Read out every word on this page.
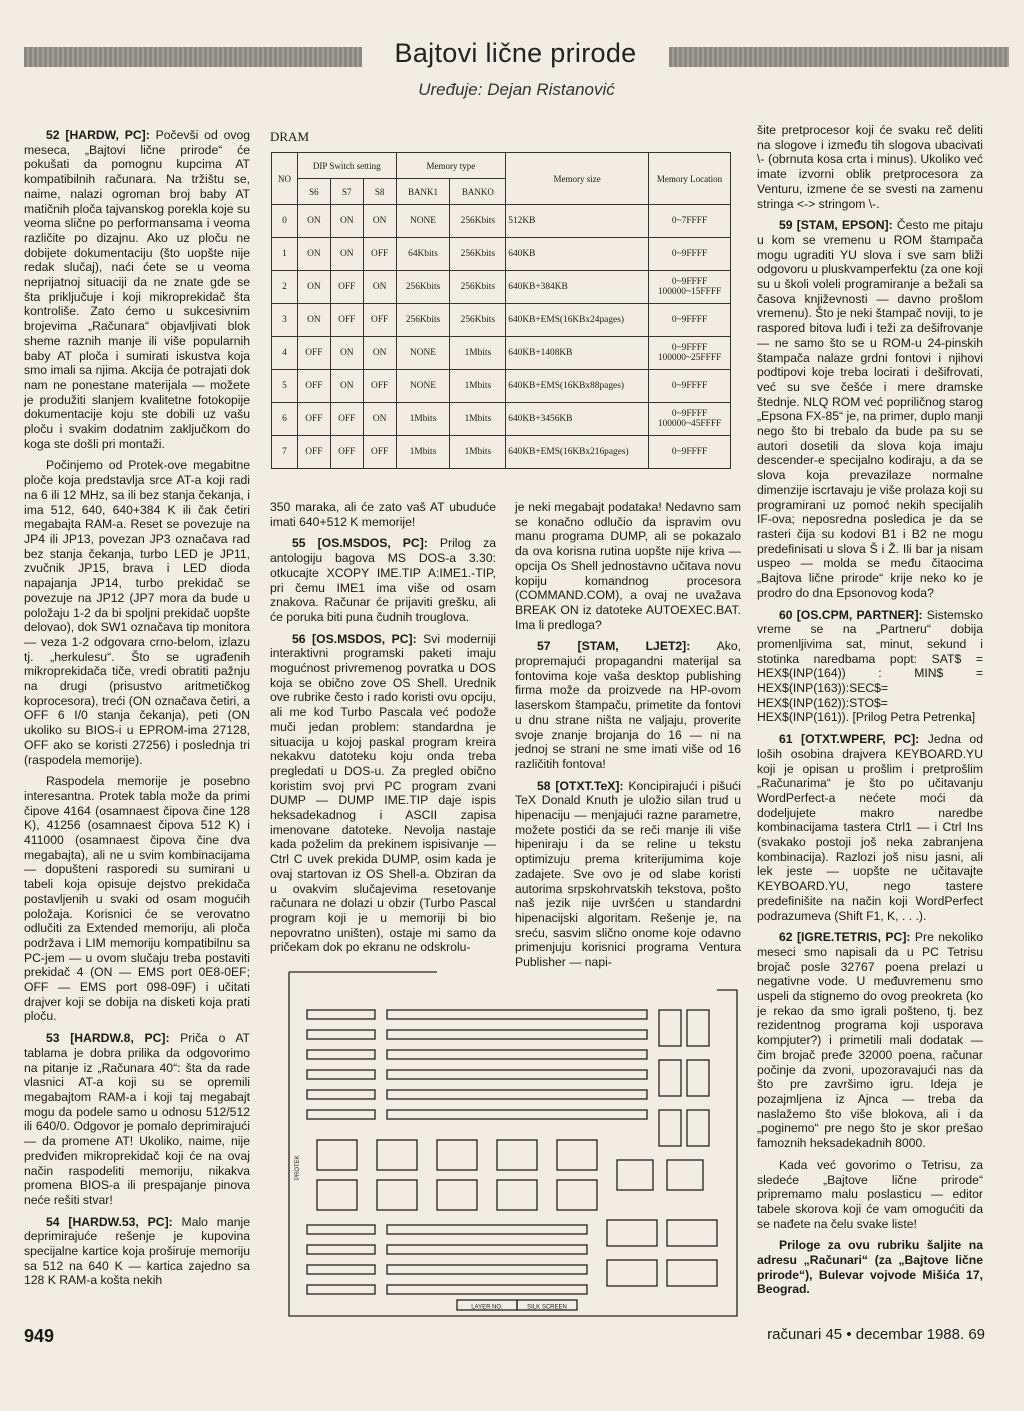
Bajtovi lične prirode
Uređuje: Dejan Ristanović

52 [HARDW, PC]: Počevši od ovog meseca, „Bajtovi lične prirode“ će pokušati da pomognu kupcima AT kompatibilnih računara. Na tržištu se, naime, nalazi ogroman broj baby AT matičnih ploča tajvanskog porekla koje su veoma slične po performansama i veoma različite po dizajnu. Ako uz ploču ne dobijete dokumentaciju (što uopšte nije redak slučaj), naći ćete se u veoma neprijatnoj situaciji da ne znate gde se šta priključuje i koji mikroprekidač šta kontroliše. Zato ćemo u sukcesivnim brojevima „Računara“ objavljivati blok sheme raznih manje ili više popularnih baby AT ploča i sumirati iskustva koja smo imali sa njima. Akcija će potrajati dok nam ne ponestane materijala — možete je produžiti slanjem kvalitetne fotokopije dokumentacije koju ste dobili uz vašu ploču i svakim dodatnim zaključkom do koga ste došli pri montaži.

Počinjemo od Protek-ove megabitne ploče koja predstavlja srce AT-a koji radi na 6 ili 12 MHz, sa ili bez stanja čekanja, i ima 512, 640, 640+384 K ili čak četiri megabajta RAM-a. Reset se povezuje na JP4 ili JP13, povezan JP3 označava rad bez stanja čekanja, turbo LED je JP11, zvučnik JP15, brava i LED dioda napajanja JP14, turbo prekidač se povezuje na JP12 (JP7 mora da bude u položaju 1-2 da bi spoljni prekidač uopšte delovao), dok SW1 označava tip monitora — veza 1-2 odgovara crno-belom, izlazu tj. „herkulesu“. Što se ugrađenih mikroprekidača tiče, vredi obratiti pažnju na drugi (prisustvo aritmetičkog koprocesora), treći (ON označava četiri, a OFF 6 I/0 stanja čekanja), peti (ON ukoliko su BIOS-i u EPROM-ima 27128, OFF ako se koristi 27256) i poslednja tri (raspodela memorije).

Raspodela memorije je posebno interesantna. Protek tabla može da primi čipove 4164 (osamnaest čipova čine 128 K), 41256 (osamnaest čipova 512 K) i 411000 (osamnaest čipova čine dva megabajta), ali ne u svim kombinacijama — dopušteni rasporedi su sumirani u tabeli koja opisuje dejstvo prekidača postavljenih u svaki od osam mogućih položaja. Korisnici će se verovatno odlučiti za Extended memoriju, ali ploča podržava i LIM memoriju kompatibilnu sa PC-jem — u ovom slučaju treba postaviti prekidač 4 (ON — EMS port 0E8-0EF; OFF — EMS port 098-09F) i učitati drajver koji se dobija na disketi koja prati ploču.

53 [HARDW.8, PC]: Priča o AT tablama je dobra prilika da odgovorimo na pitanje iz „Računara 40“: šta da rade vlasnici AT-a koji su se opremili megabajtom RAM-a i koji taj megabajt mogu da podele samo u odnosu 512/512 ili 640/0. Odgovor je pomalo deprimirajući — da promene AT! Ukoliko, naime, nije predviđen mikroprekidač koji će na ovaj način raspodeliti memoriju, nikakva promena BIOS-a ili prespajanje pinova neće rešiti stvar!

54 [HARDW.53, PC]: Malo manje deprimirajuće rešenje je kupovina specijalne kartice koja proširuje memoriju sa 512 na 640 K — kartica zajedno sa 128 K RAM-a košta nekih

DRAM
NO	DIP Switch setting			Memory type		Memory size	Memory Location
	S6	S7	S8	BANK1	BANKO		
0	ON	ON	ON	NONE	256Kbits	512KB	0~7FFFF
1	ON	ON	OFF	64Kbits	256Kbits	640KB	0~9FFFF
2	ON	OFF	ON	256Kbits	256Kbits	640KB+384KB	0~9FFFF 100000~15FFFF
3	ON	OFF	OFF	256Kbits	256Kbits	640KB+EMS(16KBx24pages)	0~9FFFF
4	OFF	ON	ON	NONE	1Mbits	640KB+1408KB	0~9FFFF 100000~25FFFF
5	OFF	ON	OFF	NONE	1Mbits	640KB+EMS(16KBx88pages)	0~9FFFF
6	OFF	OFF	ON	1Mbits	1Mbits	640KB+3456KB	0~9FFFF 100000~45FFFF
7	OFF	OFF	OFF	1Mbits	1Mbits	640KB+EMS(16KBx216pages)	0~9FFFF

350 maraka, ali će zato vaš AT ubuduće imati 640+512 K memorije!

55 [OS.MSDOS, PC]: Prilog za antologiju bagova MS DOS-a 3.30: otkucajte XCOPY IME.TIP A:IME1.-TIP, pri čemu IME1 ima više od osam znakova. Računar će prijaviti grešku, ali će poruka biti puna čudnih trouglova.

56 [OS.MSDOS, PC]: Svi moderniji interaktivni programski paketi imaju mogućnost privremenog povratka u DOS koja se obično zove OS Shell. Urednik ove rubrike često i rado koristi ovu opciju, ali me kod Turbo Pascala već podože muči jedan problem: standardna je situacija u kojoj paskal program kreira nekakvu datoteku koju onda treba pregledati u DOS-u. Za pregled obično koristim svoj prvi PC program zvani DUMP — DUMP IME.TIP daje ispis heksadekadnog i ASCII zapisa imenovane datoteke. Nevolja nastaje kada poželim da prekinem ispisivanje — Ctrl C uvek prekida DUMP, osim kada je ovaj startovan iz OS Shell-a. Obziran da u ovakvim slučajevima resetovanje računara ne dolazi u obzir (Turbo Pascal program koji je u memoriji bi bio nepovratno uništen), ostaje mi samo da pričekam dok po ekranu ne odskrolu-

je neki megabajt podataka! Nedavno sam se konačno odlučio da ispravim ovu manu programa DUMP, ali se pokazalo da ova korisna rutina uopšte nije kriva — opcija Os Shell jednostavno učitava novu kopiju komandnog procesora (COMMAND.COM), a ovaj ne uvažava BREAK ON iz datoteke AUTOEXEC.BAT. Ima li predloga?

57 [STAM, LJET2]: Ako, propremajući propagandni materijal sa fontovima koje vaša desktop publishing firma može da proizvede na HP-ovom laserskom štampaču, primetite da fontovi u dnu strane ništa ne valjaju, proverite svoje znanje brojanja do 16 — ni na jednoj se strani ne sme imati više od 16 različitih fontova!

58 [OTXT.TeX]: Koncipirajući i pišući TeX Donald Knuth je uložio silan trud u hipenaciju — menjajući razne parametre, možete postići da se reči manje ili više hipeniraju i da se reline u tekstu optimizuju prema kriterijumima koje zadajete. Sve ovo je od slabe koristi autorima srpskohrvatskih tekstova, pošto naš jezik nije uvršćen u standardni hipenacijski algoritam. Rešenje je, na sreću, sasvim slično onome koje odavno primenjuju korisnici programa Ventura Publisher — napi-

šite pretprocesor koji će svaku reč deliti na slogove i između tih slogova ubacivati \- (obrnuta kosa crta i minus). Ukoliko već imate izvorni oblik pretprocesora za Venturu, izmene će se svesti na zamenu stringa <-> stringom \-.

59 [STAM, EPSON]: Često me pitaju u kom se vremenu u ROM štampača mogu ugraditi YU slova i sve sam bliži odgovoru u pluskvamperfektu (za one koji su u školi voleli programiranje a bežali sa časova književnosti — davno prošlom vremenu). Što je neki štampač noviji, to je raspored bitova luđi i teži za dešifrovanje — ne samo što se u ROM-u 24-pinskih štampača nalaze grdni fontovi i njihovi podtipovi koje treba locirati i dešifrovati, već su sve češće i mere dramske štednje. NLQ ROM već popriličnog starog „Epsona FX-85“ je, na primer, duplo manji nego što bi trebalo da bude pa su se autori dosetili da slova koja imaju descender-e specijalno kodiraju, a da se slova koja prevazilaze normalne dimenzije iscrtavaju je više prolaza koji su programirani uz pomoć nekih specijalih IF-ova; neposredna posledica je da se rasteri čija su kodovi B1 i B2 ne mogu predefinisati u slova Š i Ž. Ili bar ja nisam uspeo — molda se među čitaocima „Bajtova lične prirode“ krije neko ko je prodro do dna Epsonovog koda?

60 [OS.CPM, PARTNER]: Sistemsko vreme se na „Partneru“ dobija promenljivima sat, minut, sekund i stotinka naredbama popt: SAT$ = HEX$(INP(164)) : MIN$ = HEX$(INP(163)):SEC$= HEX$(INP(162)):STO$= HEX$(INP(161)). [Prilog Petra Petrenka]

61 [OTXT.WPERF, PC]: Jedna od loših osobina drajvera KEYBOARD.YU koji je opisan u prošlim i pretprošlim „Računarima“ je što po učitavanju WordPerfect-a nećete moći da dodeljujete makro naredbe kombinacijama tastera Ctrl1 — i Ctrl Ins (svakako postoji još neka zabranjena kombinacija). Razlozi još nisu jasni, ali lek jeste — uopšte ne učitavajte KEYBOARD.YU, nego tastere predefinišite na način koji WordPerfect podrazumeva (Shift F1, K, . . .).

62 [IGRE.TETRIS, PC]: Pre nekoliko meseci smo napisali da u PC Tetrisu brojač posle 32767 poena prelazi u negativne vode. U međuvremenu smo uspeli da stignemo do ovog preokreta (ko je rekao da smo igrali pošteno, tj. bez rezidentnog programa koji usporava kompjuter?) i primetili mali dodatak — čim brojač pređe 32000 poena, računar počinje da zvoni, upozoravajući nas da što pre završimo igru. Ideja je pozajmljena iz Ajnca — treba da naslažemo što više blokova, ali i da „poginemo“ pre nego što je skor prešao famoznih heksadekadnih 8000.

Kada već govorimo o Tetrisu, za sledeće „Bajtove lične prirode“ pripremamo malu poslasticu — editor tabele skorova koji će vam omogućiti da se nađete na čelu svake liste!

Priloge za ovu rubriku šaljite na adresu „Računari“ (za „Bajtove lične prirode“), Bulevar vojvode Mišića 17, Beograd.

LAYER NO.	SILK SCREEN
PROTEK
949	računari 45 • decembar 1988. 69
